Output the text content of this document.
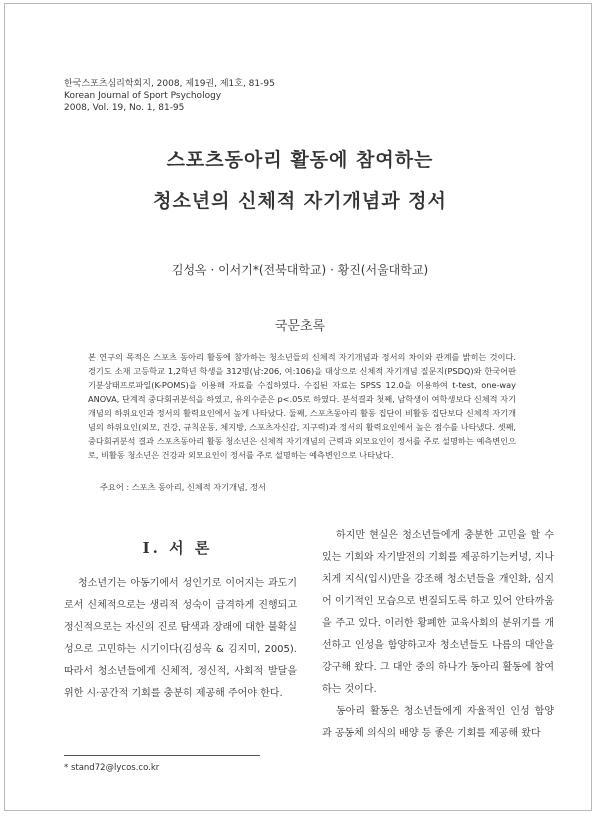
한국스포츠심리학회지, 2008, 제19권, 제1호, 81-95
Korean Journal of Sport Psychology
2008, Vol. 19, No. 1, 81-95
스포츠동아리 활동에 참여하는
청소년의 신체적 자기개념과 정서
김성옥 · 이서기*(전북대학교) · 황진(서울대학교)
국문초록
본 연구의 목적은 스포츠 동아리 활동에 참가하는 청소년들의 신체적 자기개념과 정서의 차이와 관계를 밝히는 것이다. 경기도 소재 고등학교 1,2학년 학생을 312명(남:206, 여:106)을 대상으로 신체적 자기개념 질문지(PSDQ)와 한국어판 기분상태프로파일(K-POMS)을 이용해 자료를 수집하였다. 수집된 자료는 SPSS 12.0을 이용하여 t-test, one-way ANOVA, 단계적 중다회귀분석을 하였고, 유의수준은 p<.05로 하였다. 분석결과 첫째, 남학생이 여학생보다 신체적 자기개념의 하위요인과 정서의 활력요인에서 높게 나타났다. 둘째, 스포츠동아리 활동 집단이 비활동 집단보다 신체적 자기개념의 하위요인(외모, 건강, 규칙운동, 체지방, 스포츠자신감, 지구력)과 정서의 활력요인에서 높은 점수를 나타냈다. 셋째, 중다회귀분석 결과 스포츠동아리 활동 청소년은 신체적 자기개념의 근력과 외모요인이 정서를 주로 설명하는 예측변인으로, 비활동 청소년은 건강과 외모요인이 정서를 주로 설명하는 예측변인으로 나타났다.
주요어 : 스포츠 동아리, 신체적 자기개념, 정서
I. 서 론

청소년기는 아동기에서 성인기로 이어지는 과도기로서 신체적으로는 생리적 성숙이 급격하게 진행되고 정신적으로는 자신의 진로 탐색과 장래에 대한 불확실성으로 고민하는 시기이다(김성옥 & 김지미, 2005). 따라서 청소년들에게 신체적, 정신적, 사회적 발달을 위한 시·공간적 기회를 충분히 제공해 주어야 한다.

하지만 현실은 청소년들에게 충분한 고민을 할 수 있는 기회와 자기발전의 기회를 제공하기는커녕, 지나치게 지식(입시)만을 강조해 청소년들을 개인화, 심지어 이기적인 모습으로 변질되도록 하고 있어 안타까움을 주고 있다. 이러한 황폐한 교육사회의 분위기를 개선하고 인성을 함양하고자 청소년들도 나름의 대안을 강구해 왔다. 그 대안 중의 하나가 동아리 활동에 참여하는 것이다.

동아리 활동은 청소년들에게 자율적인 인성 함양과 공동체 의식의 배양 등 좋은 기회를 제공해 왔다

* stand72@lycos.co.kr
